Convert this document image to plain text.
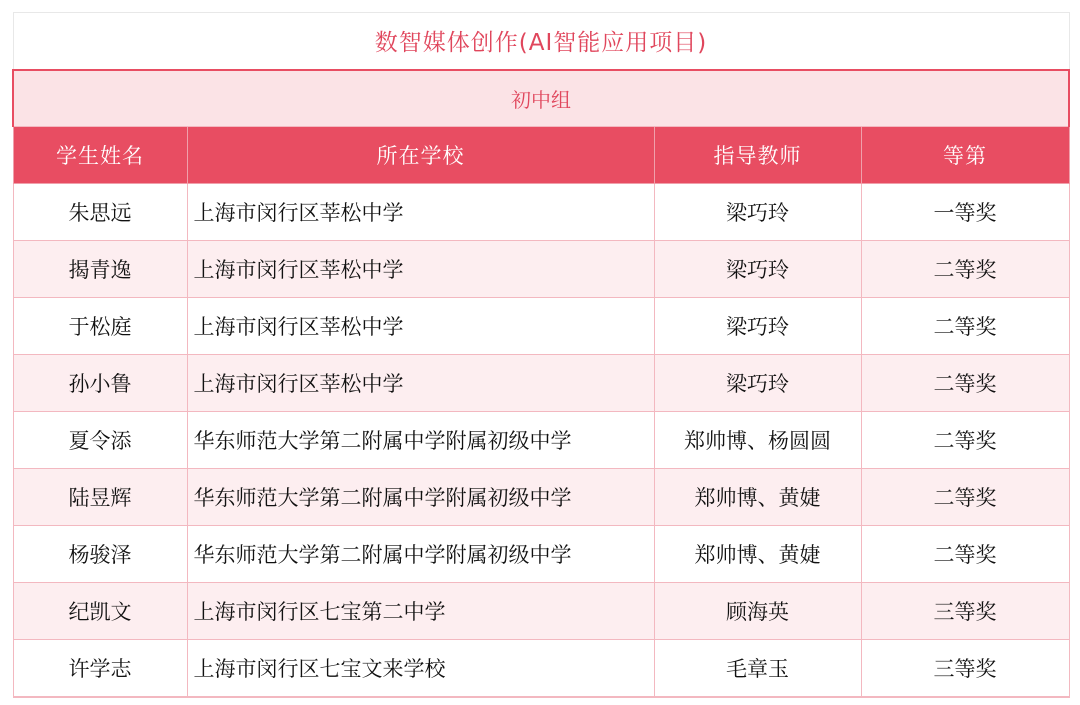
数智媒体创作(AI智能应用项目)			
初中组			
学生姓名	所在学校	指导教师	等第
朱思远	上海市闵行区莘松中学	梁巧玲	一等奖
揭青逸	上海市闵行区莘松中学	梁巧玲	二等奖
于松庭	上海市闵行区莘松中学	梁巧玲	二等奖
孙小鲁	上海市闵行区莘松中学	梁巧玲	二等奖
夏令添	华东师范大学第二附属中学附属初级中学	郑帅博、杨圆圆	二等奖
陆昱辉	华东师范大学第二附属中学附属初级中学	郑帅博、黄婕	二等奖
杨骏泽	华东师范大学第二附属中学附属初级中学	郑帅博、黄婕	二等奖
纪凯文	上海市闵行区七宝第二中学	顾海英	三等奖
许学志	上海市闵行区七宝文来学校	毛章玉	三等奖
